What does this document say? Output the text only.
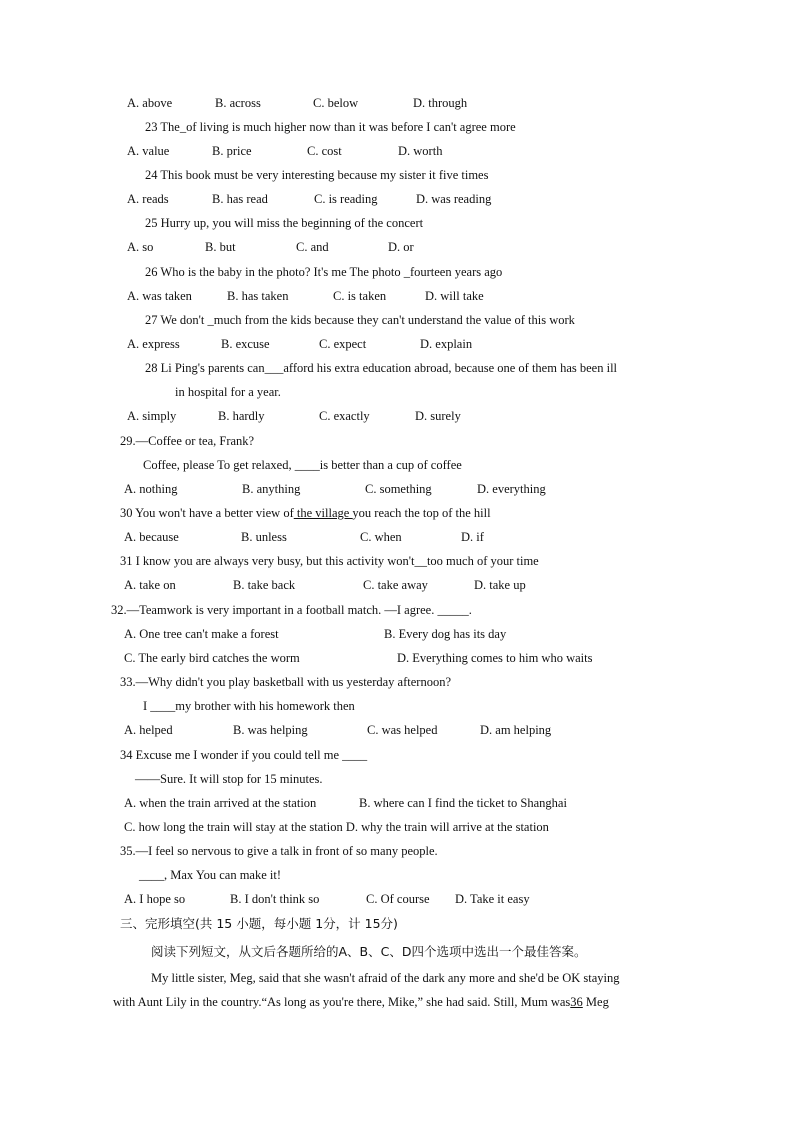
A. above	B. across	C. below	D. through
23 The_of living is much higher now than it was before I can't agree more
A. value	B. price	C. cost	D. worth
24 This book must be very interesting because my sister it five times
A. reads	B. has read	C. is reading	D. was reading
25 Hurry up, you will miss the beginning of the concert
A. so	B. but	C. and	D. or
26 Who is the baby in the photo? It's me The photo _fourteen years ago
A. was taken	B. has taken	C. is taken	D. will take
27 We don't _much from the kids because they can't understand the value of this work
A. express	B. excuse	C. expect	D. explain
28 Li Ping's parents can___afford his extra education abroad, because one of them has been ill
in hospital for a year.
A. simply	B. hardly	C. exactly	D. surely
29.—Coffee or tea, Frank?
Coffee, please To get relaxed, ____is better than a cup of coffee
A. nothing	B. anything	C. something	D. everything
30 You won't have a better view of the village you reach the top of the hill
A. because	B. unless	C. when	D. if
31 I know you are always very busy, but this activity won't__too much of your time
A. take on	B. take back	C. take away	D. take up
32.—Teamwork is very important in a football match. —I agree. _____.
A. One tree can't make a forest	B. Every dog has its day
C. The early bird catches the worm	D. Everything comes to him who waits
33.—Why didn't you play basketball with us yesterday afternoon?
I ____my brother with his homework then
A. helped	B. was helping	C. was helped	D. am helping
34 Excuse me I wonder if you could tell me ____
——Sure. It will stop for 15 minutes.
A. when the train arrived at the station	B. where can I find the ticket to Shanghai
C. how long the train will stay at the station D. why the train will arrive at the station
35.—I feel so nervous to give a talk in front of so many people.
____, Max You can make it!
A. I hope so	B. I don't think so	C. Of course D. Take it easy
三、完形填空(共 15 小题，每小题 1分，计 15分)
阅读下列短文，从文后各题所给的A、B、C、D四个选项中选出一个最佳答案。
My little sister, Meg, said that she wasn't afraid of the dark any more and she'd be OK staying
with Aunt Lily in the country.“As long as you're there, Mike,” she had said. Still, Mum was36 Meg
